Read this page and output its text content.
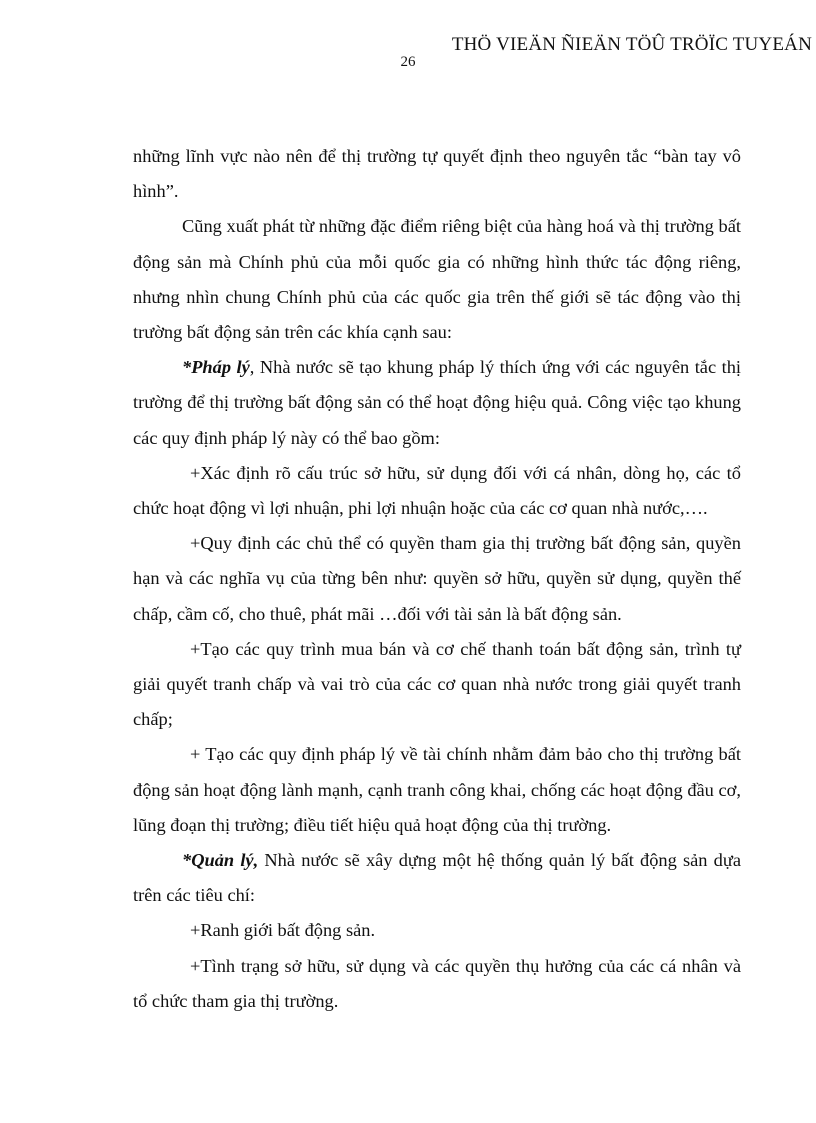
THÖ VIEÄN ÑIEÄN TÖÛ TRÖÏC TUYEÁN
26

những lĩnh vực nào nên để thị trường tự quyết định theo nguyên tắc “bàn tay vô hình”.

Cũng xuất phát từ những đặc điểm riêng biệt của hàng hoá và thị trường bất động sản mà Chính phủ của mỗi quốc gia có những hình thức tác động riêng, nhưng nhìn chung Chính phủ của các quốc gia trên thế giới sẽ tác động vào thị trường bất động sản trên các khía cạnh sau:

*Pháp lý, Nhà nước sẽ tạo khung pháp lý thích ứng với các nguyên tắc thị trường để thị trường bất động sản có thể hoạt động hiệu quả. Công việc tạo khung các quy định pháp lý này có thể bao gồm:

+Xác định rõ cấu trúc sở hữu, sử dụng đối với cá nhân, dòng họ, các tổ chức hoạt động vì lợi nhuận, phi lợi nhuận hoặc của các cơ quan nhà nước,….

+Quy định các chủ thể có quyền tham gia thị trường bất động sản, quyền hạn và các nghĩa vụ của từng bên như: quyền sở hữu, quyền sử dụng, quyền thế chấp, cầm cố, cho thuê, phát mãi …đối với tài sản là bất động sản.

+Tạo các quy trình mua bán và cơ chế thanh toán bất động sản, trình tự giải quyết tranh chấp và vai trò của các cơ quan nhà nước trong giải quyết tranh chấp;

+ Tạo các quy định pháp lý về tài chính nhằm đảm bảo cho thị trường bất động sản hoạt động lành mạnh, cạnh tranh công khai, chống các hoạt động đầu cơ, lũng đoạn thị trường; điều tiết hiệu quả hoạt động của thị trường.

*Quản lý, Nhà nước sẽ xây dựng một hệ thống quản lý bất động sản dựa trên các tiêu chí:

+Ranh giới bất động sản.

+Tình trạng sở hữu, sử dụng và các quyền thụ hưởng của các cá nhân và tổ chức tham gia thị trường.
